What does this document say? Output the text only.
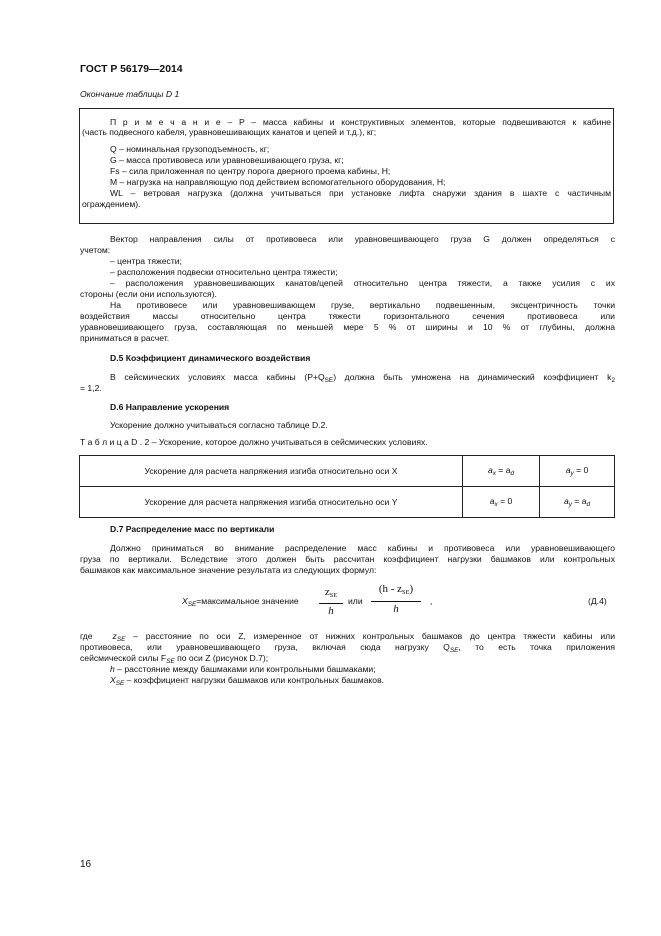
ГОСТ Р 56179—2014
Окончание таблицы D 1
П р и м е ч а н и е – P – масса кабины и конструктивных элементов, которые подвешиваются к кабине
(часть подвесного кабеля, уравновешивающих канатов и цепей и т.д.), кг;
Q – номинальная грузоподъемность, кг;
G – масса противовеса или уравновешивающего груза, кг;
Fs – сила приложенная по центру порога дверного проема кабины, Н;
M – нагрузка на направляющую под действием вспомогательного оборудования, Н;
WL – ветровая нагрузка (должна учитываться при установке лифта снаружи здания в шахте с частичным
ограждением).
Вектор направления силы от противовеса или уравновешивающего груза G должен определяться с
учетом:
– центра тяжести;
– расположения подвески относительно центра тяжести;
– расположения уравновешивающих канатов/цепей относительно центра тяжести, а также усилия с их
стороны (если они используются).
На противовесе или уравновешивающем грузе, вертикально подвешенным, эксцентричность точки
воздействия массы относительно центра тяжести горизонтального сечения противовеса или
уравновешивающего груза, составляющая по меньшей мере 5 % от ширины и 10 % от глубины, должна
приниматься в расчет.
D.5 Коэффициент динамического воздействия
В сейсмических условиях масса кабины $(P+Q_{SE})$ должна быть умножена на динамический коэффициент $k_2$
= 1,2.
D.6 Направление ускорения
Ускорение должно учитываться согласно таблице D.2.
Т а б л и ц а D . 2 – Ускорение, которое должно учитываться в сейсмических условиях.
Ускорение для расчета напряжения изгиба относительно оси X	$a_x = a_d$	$a_y = 0$
Ускорение для расчета напряжения изгиба относительно оси Y	$a_x = 0$	$a_y = a_d$
D.7 Распределение масс по вертикали
Должно приниматься во внимание распределение масс кабины и противовеса или уравновешивающего
груза по вертикали. Вследствие этого должен быть рассчитан коэффициент нагрузки башмаков или контрольных
башмаков как максимальное значение результата из следующих формул:
$X_{SE}=максимальное$ значение
$z_{SE}$
h
или
$(h - z_{SE})$
h
,	(Д.4)
где $z_{SE}$ – расстояние по оси Z, измеренное от нижних контрольных башмаков до центра тяжести кабины или
противовеса, или уравновешивающего груза, включая сюда нагрузку $Q_{SE}$, то есть точка приложения
сейсмической силы $F_{SE}$ по оси Z (рисунок D.7);
h – расстояние между башмаками или контрольными башмаками;
$X_{SE}$ – коэффициент нагрузки башмаков или контрольных башмаков.
16
